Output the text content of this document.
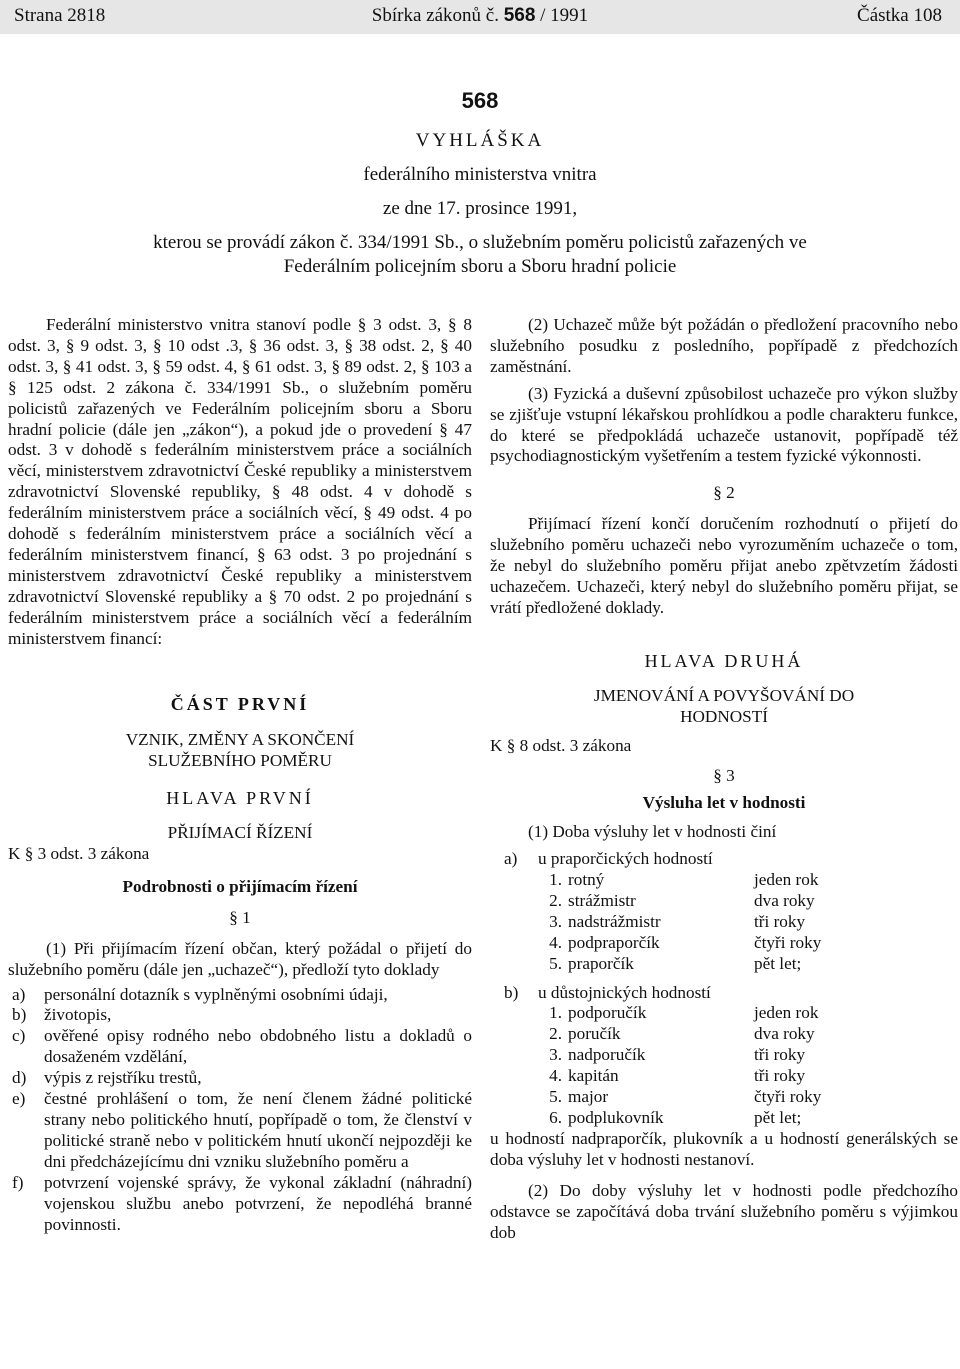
Strana 2818	Sbírka zákonů č. 568 / 1991	Částka 108
568
VYHLÁŠKA
federálního ministerstva vnitra
ze dne 17. prosince 1991,
kterou se provádí zákon č. 334/1991 Sb., o služebním poměru policistů zařazených ve
Federálním policejním sboru a Sboru hradní policie

Federální ministerstvo vnitra stanoví podle § 3 odst. 3, § 8 odst. 3, § 9 odst. 3, § 10 odst .3, § 36 odst. 3, § 38 odst. 2, § 40 odst. 3, § 41 odst. 3, § 59 odst. 4, § 61 odst. 3, § 89 odst. 2, § 103 a § 125 odst. 2 zákona č. 334/1991 Sb., o služebním poměru policistů zařazených ve Federálním policejním sboru a Sboru hradní policie (dále jen „zákon“), a pokud jde o provedení § 47 odst. 3 v dohodě s federálním ministerstvem práce a sociálních věcí, ministerstvem zdravotnictví České republiky a ministerstvem zdravotnictví Slovenské republiky, § 48 odst. 4 v dohodě s federálním ministerstvem práce a sociálních věcí, § 49 odst. 4 po dohodě s federálním ministerstvem práce a sociálních věcí a federálním ministerstvem financí, § 63 odst. 3 po projednání s ministerstvem zdravotnictví České republiky a ministerstvem zdravotnictví Slovenské republiky a § 70 odst. 2 po projednání s federálním ministerstvem práce a sociálních věcí a federálním ministerstvem financí:

ČÁST PRVNÍ

VZNIK, ZMĚNY A SKONČENÍ

SLUŽEBNÍHO POMĚRU

HLAVA PRVNÍ

PŘIJÍMACÍ ŘÍZENÍ

K § 3 odst. 3 zákona

Podrobnosti o přijímacím řízení

§ 1

(1) Při přijímacím řízení občan, který požádal o přijetí do služebního poměru (dále jen „uchazeč“), předloží tyto doklady

a) personální dotazník s vyplněnými osobními údaji,
b) životopis,
c) ověřené opisy rodného nebo obdobného listu a dokladů o dosaženém vzdělání,
d) výpis z rejstříku trestů,
e) čestné prohlášení o tom, že není členem žádné politické strany nebo politického hnutí, popřípadě o tom, že členství v politické straně nebo v politickém hnutí ukončí nejpozději ke dni předcházejícímu dni vzniku služebního poměru a
f) potvrzení vojenské správy, že vykonal základní (náhradní) vojenskou službu anebo potvrzení, že nepodléhá branné povinnosti.

(2) Uchazeč může být požádán o předložení pracovního nebo služebního posudku z posledního, popřípadě z předchozích zaměstnání.

(3) Fyzická a duševní způsobilost uchazeče pro výkon služby se zjišťuje vstupní lékařskou prohlídkou a podle charakteru funkce, do které se předpokládá uchazeče ustanovit, popřípadě též psychodiagnostickým vyšetřením a testem fyzické výkonnosti.

§ 2

Přijímací řízení končí doručením rozhodnutí o přijetí do služebního poměru uchazeči nebo vyrozuměním uchazeče o tom, že nebyl do služebního poměru přijat anebo zpětvzetím žádosti uchazečem. Uchazeči, který nebyl do služebního poměru přijat, se vrátí předložené doklady.

HLAVA DRUHÁ

JMENOVÁNÍ A POVYŠOVÁNÍ DO

HODNOSTÍ

K § 8 odst. 3 zákona

§ 3

Výsluha let v hodnosti

(1) Doba výsluhy let v hodnosti činí

a)	u praporčických hodností
1. rotný	jeden rok
2. strážmistr	dva roky
3. nadstrážmistr	tři roky
4. podpraporčík	čtyři roky
5. praporčík	pět let;
b)	u důstojnických hodností
1. podporučík	jeden rok
2. poručík	dva roky
3. nadporučík	tři roky
4. kapitán	tři roky
5. major	čtyři roky
6. podplukovník	pět let;

u hodností nadpraporčík, plukovník a u hodností generálských se doba výsluhy let v hodnosti nestanoví.

(2) Do doby výsluhy let v hodnosti podle předchozího odstavce se započítává doba trvání služebního poměru s výjimkou dob
